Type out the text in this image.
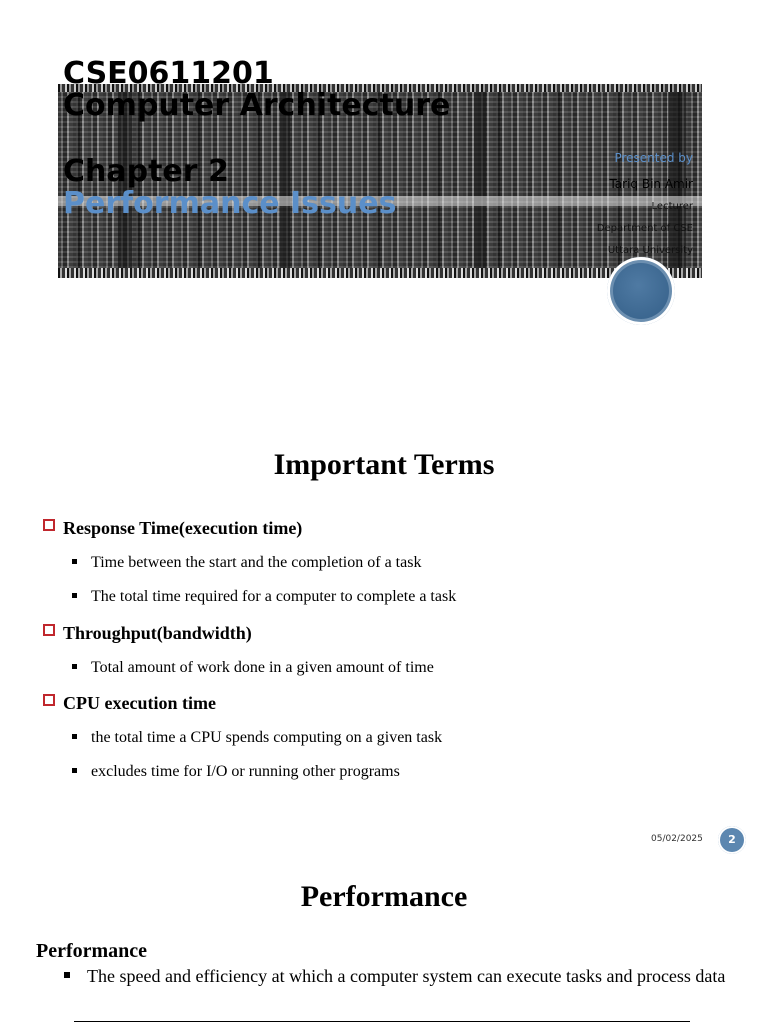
CSE0611201
Computer Architecture
Chapter 2
Performance Issues
Presented by
Tariq Bin Amir
Lecturer
Department of CSE
Uttara University
Important Terms
Response Time(execution time)
Time between the start and the completion of a task
The total time required for a computer to complete a task
Throughput(bandwidth)
Total amount of work done in a given amount of time
CPU execution time
the total time a CPU spends computing on a given task
excludes time for I/O or running other programs
05/02/2025	2
Performance
Performance
The speed and efficiency at which a computer system can execute tasks and process data
